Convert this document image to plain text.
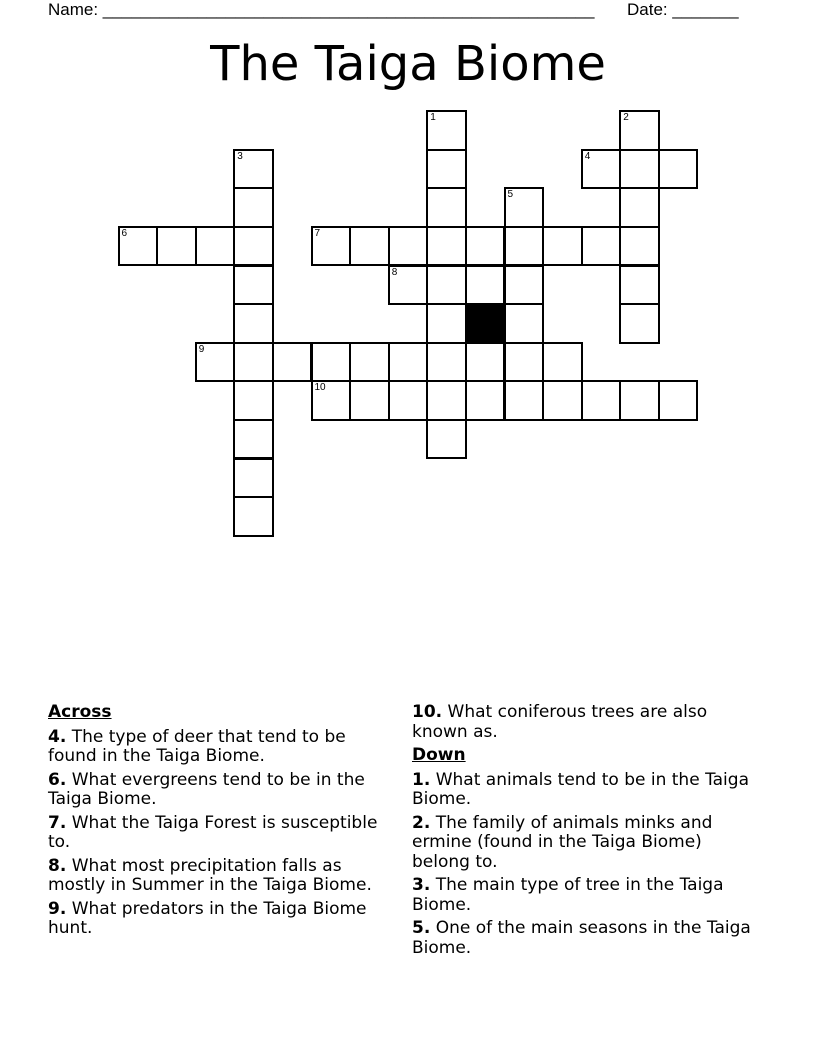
Name: ____________________________________________________ Date: _______
The Taiga Biome
1	2
3	4
5
6	7
8
9
10
Across
4. The type of deer that tend to be found in the Taiga Biome.
6. What evergreens tend to be in the Taiga Biome.
7. What the Taiga Forest is susceptible to.
8. What most precipitation falls as mostly in Summer in the Taiga Biome.
9. What predators in the Taiga Biome hunt.
10. What coniferous trees are also known as.
Down
1. What animals tend to be in the Taiga Biome.
2. The family of animals minks and ermine (found in the Taiga Biome) belong to.
3. The main type of tree in the Taiga Biome.
5. One of the main seasons in the Taiga Biome.
